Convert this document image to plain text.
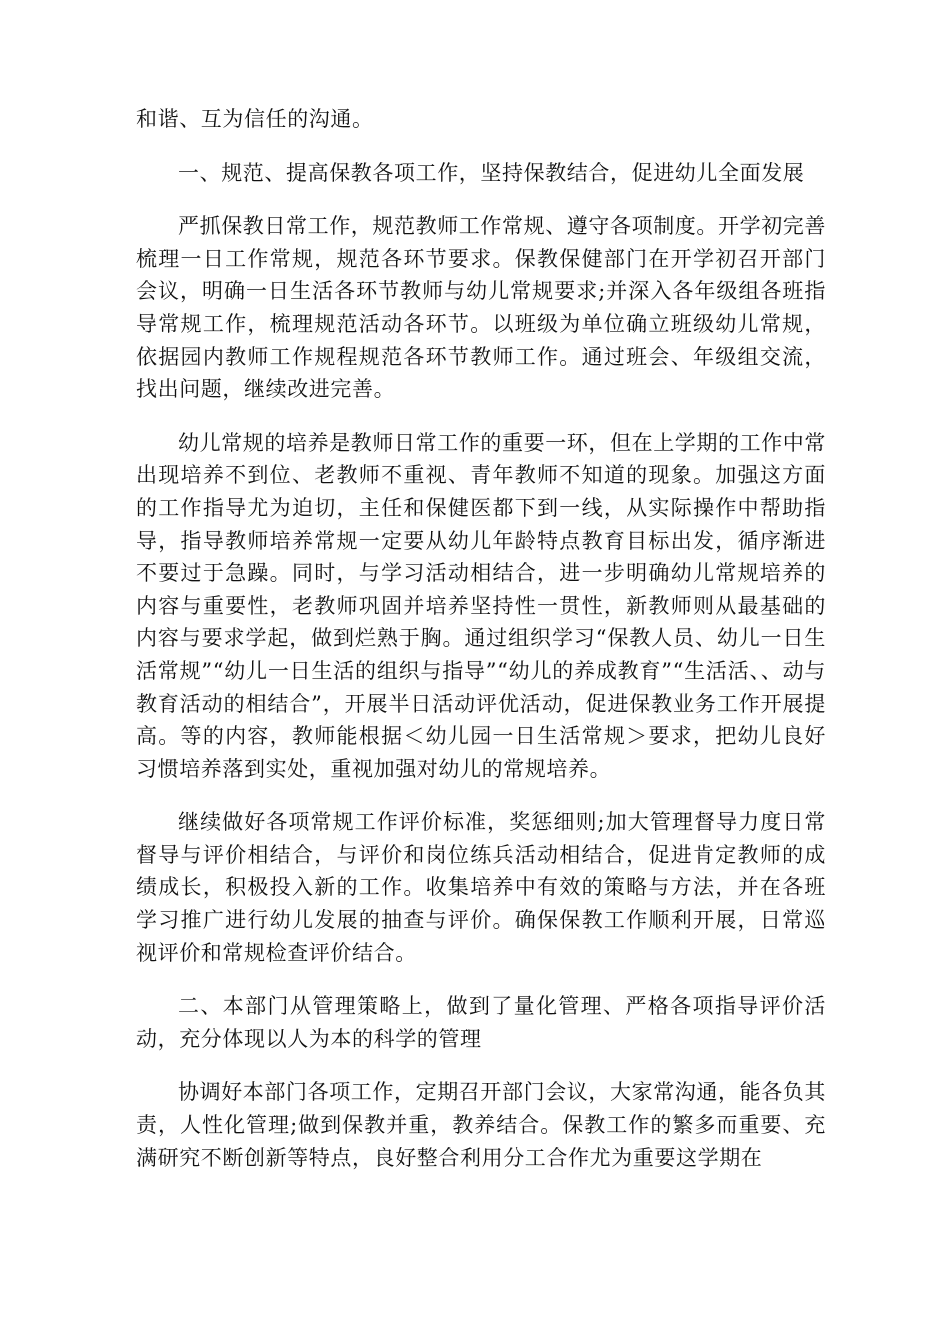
和谐、互为信任的沟通。

一、规范、提高保教各项工作，坚持保教结合，促进幼儿全面发展

严抓保教日常工作，规范教师工作常规、遵守各项制度。开学初完善梳理一日工作常规，规范各环节要求。保教保健部门在开学初召开部门会议，明确一日生活各环节教师与幼儿常规要求;并深入各年级组各班指导常规工作，梳理规范活动各环节。以班级为单位确立班级幼儿常规，依据园内教师工作规程规范各环节教师工作。通过班会、年级组交流，找出问题，继续改进完善。

幼儿常规的培养是教师日常工作的重要一环，但在上学期的工作中常出现培养不到位、老教师不重视、青年教师不知道的现象。加强这方面的工作指导尤为迫切，主任和保健医都下到一线，从实际操作中帮助指导，指导教师培养常规一定要从幼儿年龄特点教育目标出发，循序渐进不要过于急躁。同时，与学习活动相结合，进一步明确幼儿常规培养的内容与重要性，老教师巩固并培养坚持性一贯性，新教师则从最基础的内容与要求学起，做到烂熟于胸。通过组织学习“保教人员、幼儿一日生活常规”“幼儿一日生活的组织与指导”“幼儿的养成教育”“生活活、、动与教育活动的相结合”，开展半日活动评优活动，促进保教业务工作开展提高。等的内容，教师能根据＜幼儿园一日生活常规＞要求，把幼儿良好习惯培养落到实处，重视加强对幼儿的常规培养。

继续做好各项常规工作评价标准，奖惩细则;加大管理督导力度日常督导与评价相结合，与评价和岗位练兵活动相结合，促进肯定教师的成绩成长，积极投入新的工作。收集培养中有效的策略与方法，并在各班学习推广进行幼儿发展的抽查与评价。确保保教工作顺利开展，日常巡视评价和常规检查评价结合。

二、本部门从管理策略上，做到了量化管理、严格各项指导评价活动，充分体现以人为本的科学的管理

协调好本部门各项工作，定期召开部门会议，大家常沟通，能各负其责，人性化管理;做到保教并重，教养结合。保教工作的繁多而重要、充满研究不断创新等特点，良好整合利用分工合作尤为重要这学期在
